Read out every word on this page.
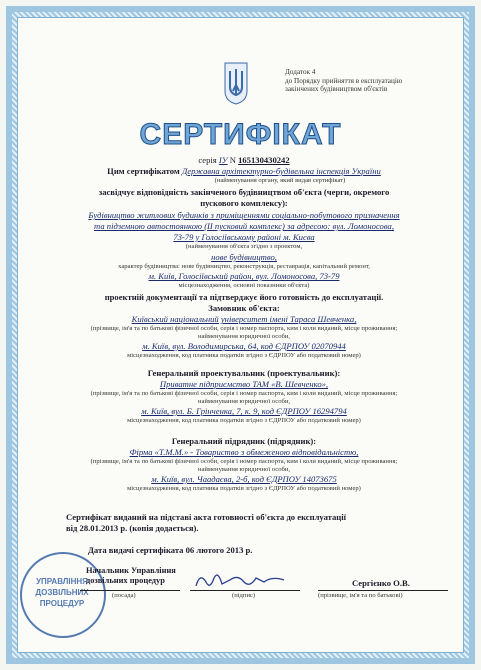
Додаток 4
до Порядку прийняття в експлуатацію
закінчених будівництвом об'єктів
СЕРТИФІКАТ
серія ІУ N 165130430242
Цим сертифікатом Державна архітектурно-будівельна інспекція України
(найменування органу, який видав сертифікат)
засвідчує відповідність закінченого будівництвом об'єкта (черги, окремого
пускового комплексу):
Будівництво житлових будинків з приміщеннями соціально-побутового призначення
та підземною автостоянкою (II пусковий комплекс) за адресою: вул. Ломоносова,
73-79 у Голосіївському районі м. Києва
(найменування об'єкта згідно з проектом,
нове будівництво,
характер будівництва: нове будівництво, реконструкція, реставрація, капітальний ремонт,
м. Київ, Голосіївський район, вул. Ломоносова, 73-79
місцезнаходження, основні показники об'єкта)
проектній документації та підтверджує його готовність до експлуатації.
Замовник об'єкта:
Київський національний університет імені Тараса Шевченка,
(прізвище, ім'я та по батькові фізичної особи, серія і номер паспорта, ким і коли виданий, місце проживання;
найменування юридичної особи,
м. Київ, вул. Володимирська, 64, код ЄДРПОУ 02070944
місцезнаходження, код платника податків згідно з ЄДРПОУ або податковий номер)
Генеральний проектувальник (проектувальник):
Приватне підприємство ТАМ «В. Шевченко»,
(прізвище, ім'я та по батькові фізичної особи, серія і номер паспорта, ким і коли виданий, місце проживання;
найменування юридичної особи,
м. Київ, вул. Б. Грінченка, 7, к. 9, код ЄДРПОУ 16294794
місцезнаходження, код платника податків згідно з ЄДРПОУ або податковий номер)
Генеральний підрядник (підрядник):
Фірма «Т.М.М.» - Товариство з обмеженою відповідальністю,
(прізвище, ім'я та по батькові фізичної особи, серія і номер паспорта, ким і коли виданий, місце проживання;
найменування юридичної особи,
м. Київ, вул. Чаадаєва, 2-б, код ЄДРПОУ 14073675
місцезнаходження, код платника податків згідно з ЄДРПОУ або податковий номер)
Сертифікат виданий на підставі акта готовності об'єкта до експлуатації
від 28.01.2013 р. (копія додається).
Дата видачі сертифіката 06 лютого 2013 р.
УПРАВЛІННЯ
ДОЗВІЛЬНИХ
ПРОЦЕДУР
Начальник Управління
дозвільних процедур
(посада)	(підпис)
Сергієнко О.В.
(прізвище, ім'я та по батькові)
